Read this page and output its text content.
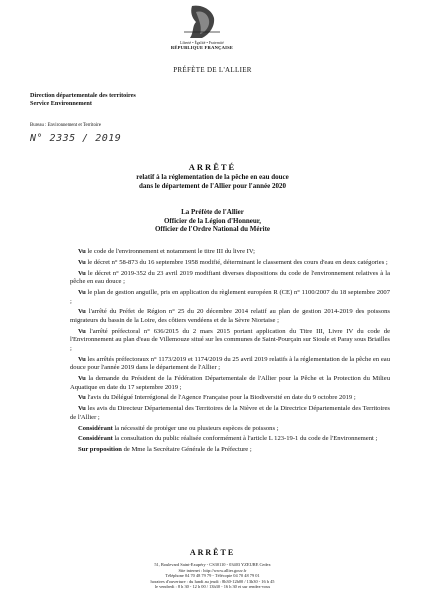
Liberté • Égalité • Fraternité
RÉPUBLIQUE FRANÇAISE
PRÉFÈTE DE L'ALLIER
Direction départementale des territoires
Service Environnement
Bureau : Environnement et Territoire
N° 2335 / 2019
ARRÊTÉ
relatif à la réglementation de la pêche en eau douce
dans le département de l'Allier pour l'année 2020
La Préfète de l'Allier
Officier de la Légion d'Honneur,
Officier de l'Ordre National du Mérite

Vu le code de l'environnement et notamment le titre III du livre IV;

Vu le décret n° 58-873 du 16 septembre 1958 modifié, déterminant le classement des cours d'eau en deux catégories ;

Vu le décret n° 2019-352 du 23 avril 2019 modifiant diverses dispositions du code de l'environnement relatives à la pêche en eau douce ;

Vu le plan de gestion anguille, pris en application du règlement européen R (CE) n° 1100/2007 du 18 septembre 2007 ;

Vu l'arrêté du Préfet de Région n° 25 du 20 décembre 2014 relatif au plan de gestion 2014-2019 des poissons migrateurs du bassin de la Loire, des côtiers vendéens et de la Sèvre Niortaise ;

Vu l'arrêté préfectoral n° 636/2015 du 2 mars 2015 portant application du Titre III, Livre IV du code de l'Environnement au plan d'eau de Villemouze situé sur les communes de Saint-Pourçain sur Sioule et Paray sous Briailles ;

Vu les arrêtés préfectoraux n° 1173/2019 et 1174/2019 du 25 avril 2019 relatifs à la réglementation de la pêche en eau douce pour l'année 2019 dans le département de l'Allier ;

Vu la demande du Président de la Fédération Départementale de l'Allier pour la Pêche et la Protection du Milieu Aquatique en date du 17 septembre 2019 ;

Vu l'avis du Délégué Interrégional de l'Agence Française pour la Biodiversité en date du 9 octobre 2019 ;

Vu les avis du Directeur Départemental des Territoires de la Nièvre et de la Directrice Départementale des Territoires de l'Allier ;

Considérant la nécessité de protéger une ou plusieurs espèces de poissons ;

Considérant la consultation du public réalisée conformément à l'article L 123-19-1 du code de l'Environnement ;

Sur proposition de Mme la Secrétaire Générale de la Préfecture ;

ARRÊTE
51, Boulevard Saint-Exupéry - CS30110 - 03403 YZEURE Cedex
Site internet : http://www.allier.gouv.fr
Téléphone 04 70 48 79 79 - Télécopie 04 70 48 79 01
horaires d'ouverture : du lundi au jeudi : 8h30-12h00 / 13h30 - 16 h 45
le vendredi : 8 h 30 - 12 h 00 / 13h30 - 16 h 30 et sur rendez-vous
